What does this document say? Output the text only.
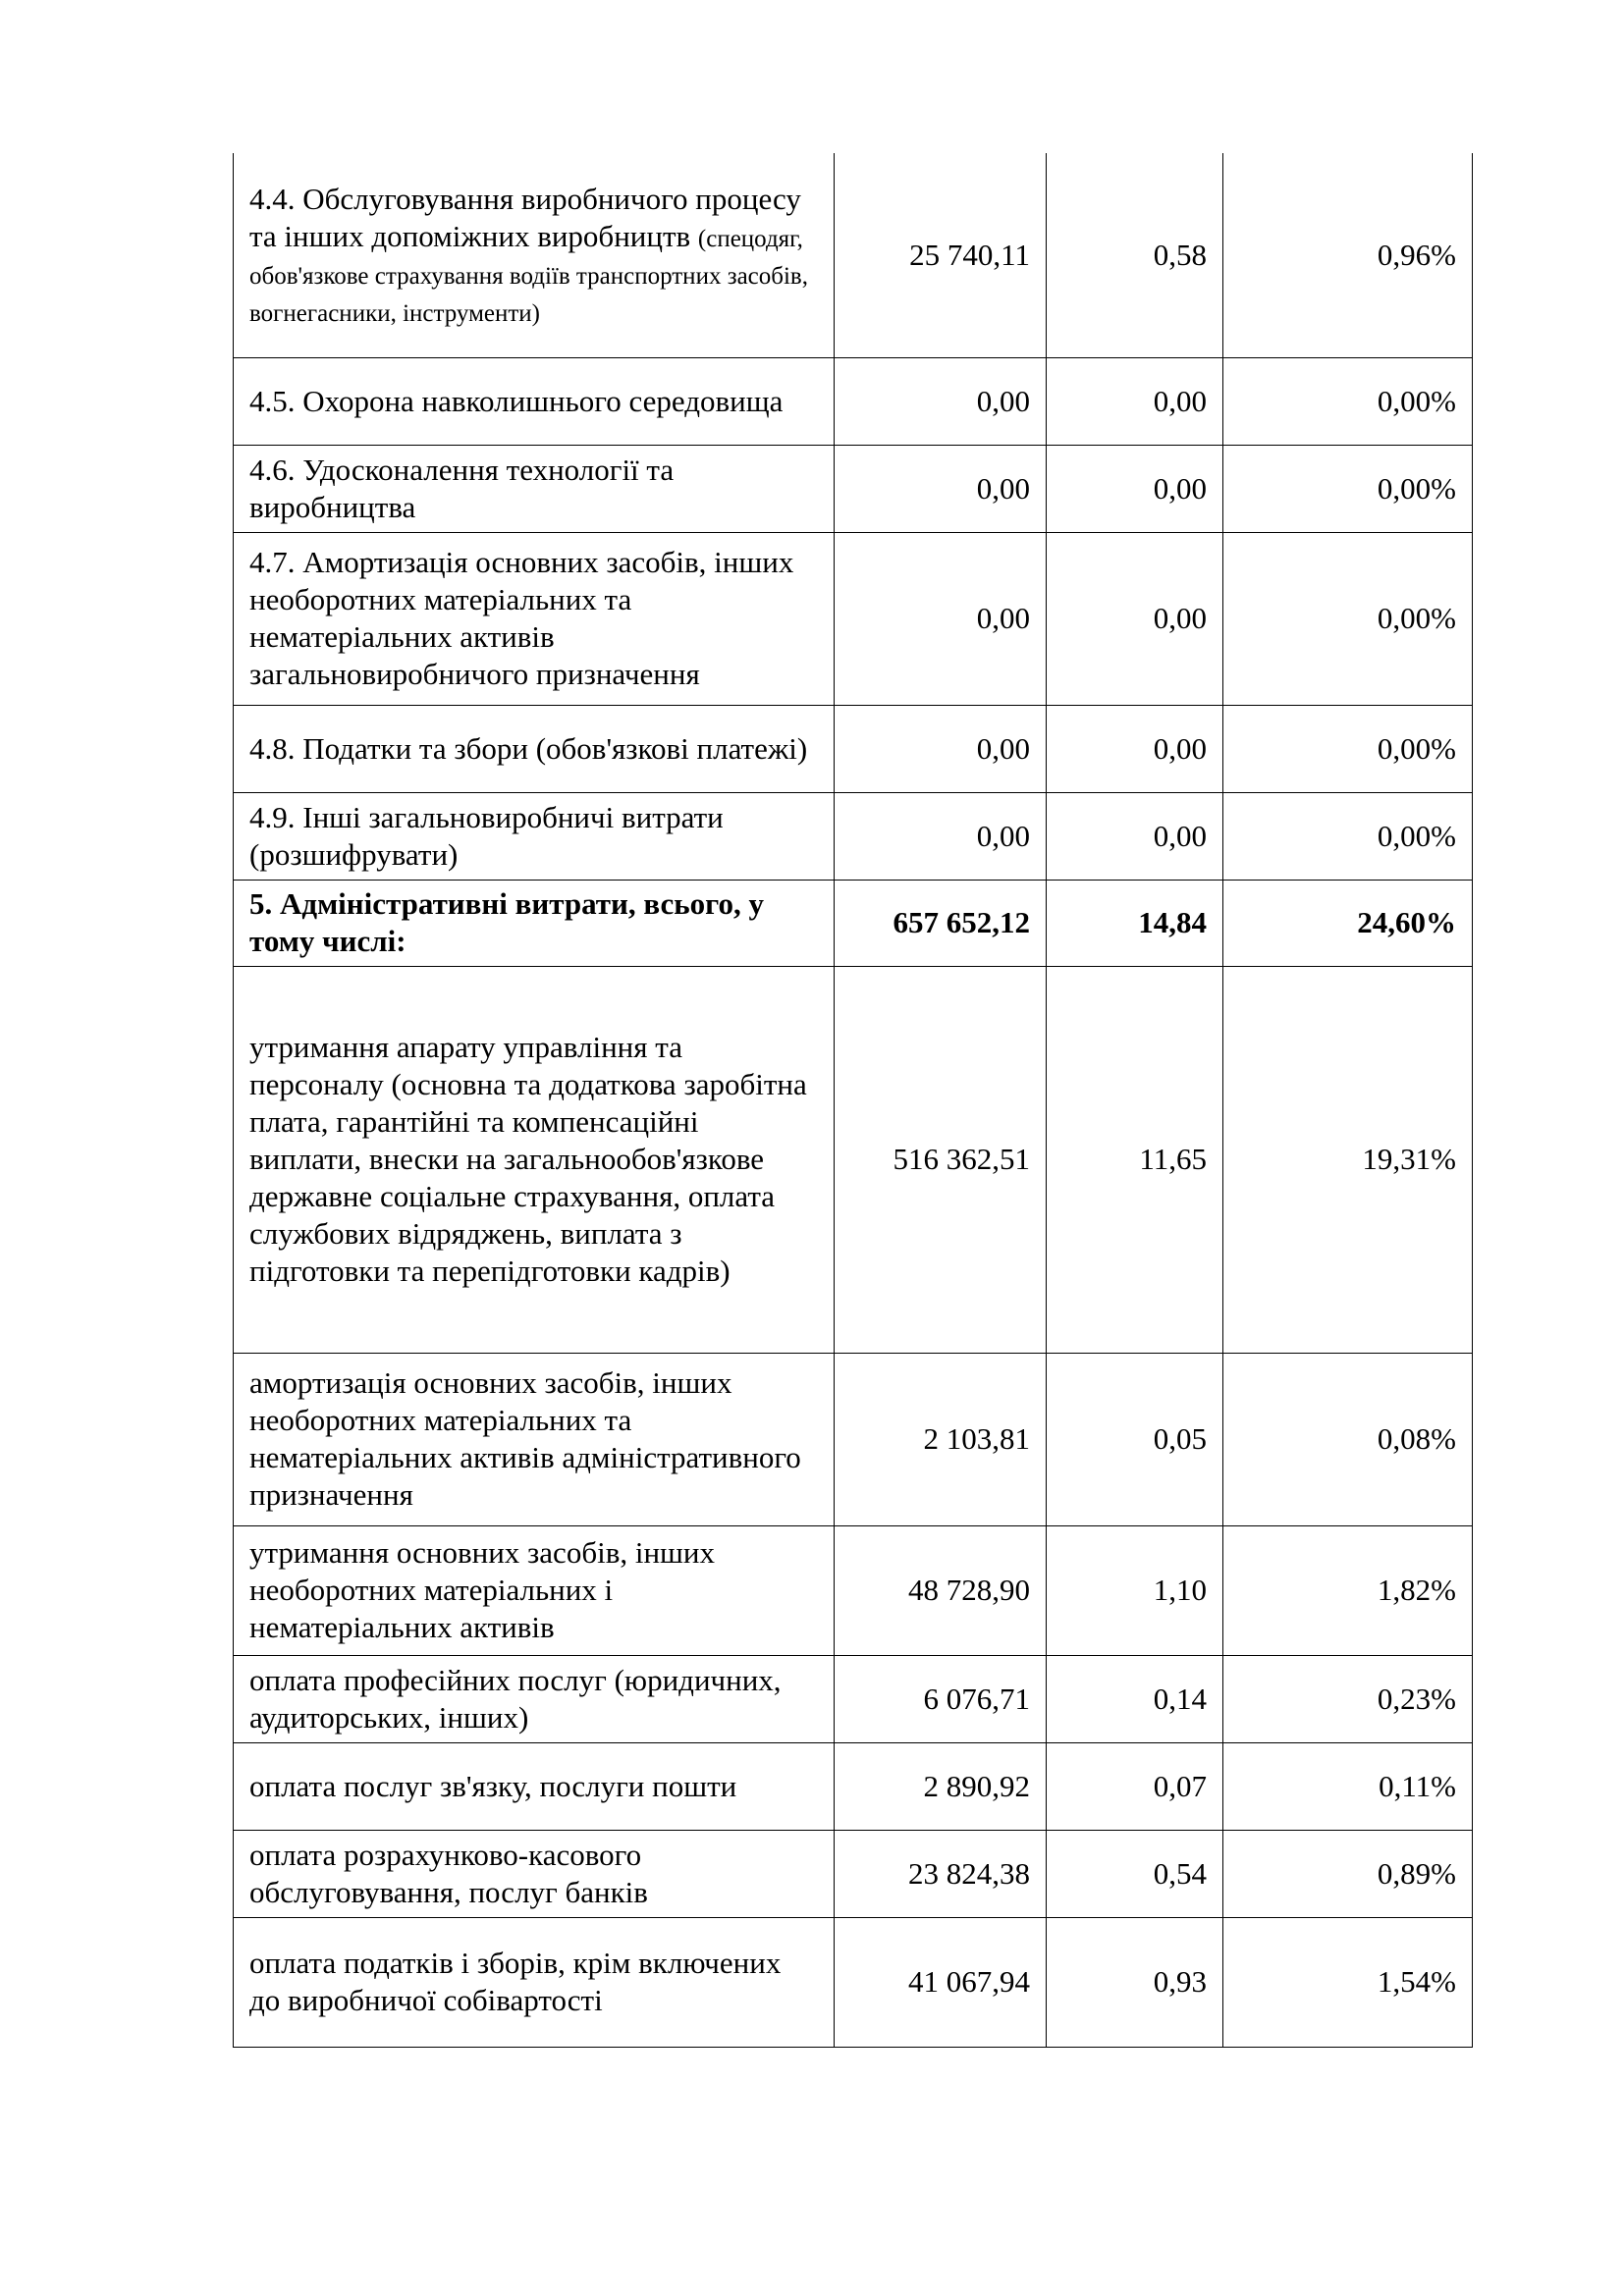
4.4. Обслуговування виробничого процесу та інших допоміжних виробництв (спецодяг, обов'язкове страхування водіїв транспортних засобів, вогнегасники, інструменти)	25 740,11	0,58	0,96%
4.5. Охорона навколишнього середовища	0,00	0,00	0,00%
4.6. Удосконалення технології та виробництва	0,00	0,00	0,00%
4.7. Амортизація основних засобів, інших необоротних матеріальних та нематеріальних активів загальновиробничого призначення	0,00	0,00	0,00%
4.8. Податки та збори (обов'язкові платежі)	0,00	0,00	0,00%
4.9. Інші загальновиробничі витрати (розшифрувати)	0,00	0,00	0,00%
5. Адміністративні витрати, всього, у тому числі:	657 652,12	14,84	24,60%
утримання апарату управління та персоналу (основна та додаткова заробітна плата, гарантійні та компенсаційні виплати, внески на загальнообов'язкове державне соціальне страхування, оплата службових відряджень, виплата з підготовки та перепідготовки кадрів)	516 362,51	11,65	19,31%
амортизація основних засобів, інших необоротних матеріальних та нематеріальних активів адміністративного призначення	2 103,81	0,05	0,08%
утримання основних засобів, інших необоротних матеріальних і нематеріальних активів	48 728,90	1,10	1,82%
оплата професійних послуг (юридичних, аудиторських, інших)	6 076,71	0,14	0,23%
оплата послуг зв'язку, послуги пошти	2 890,92	0,07	0,11%
оплата розрахунково-касового обслуговування, послуг банків	23 824,38	0,54	0,89%
оплата податків і зборів, крім включених до виробничої собівартості	41 067,94	0,93	1,54%
